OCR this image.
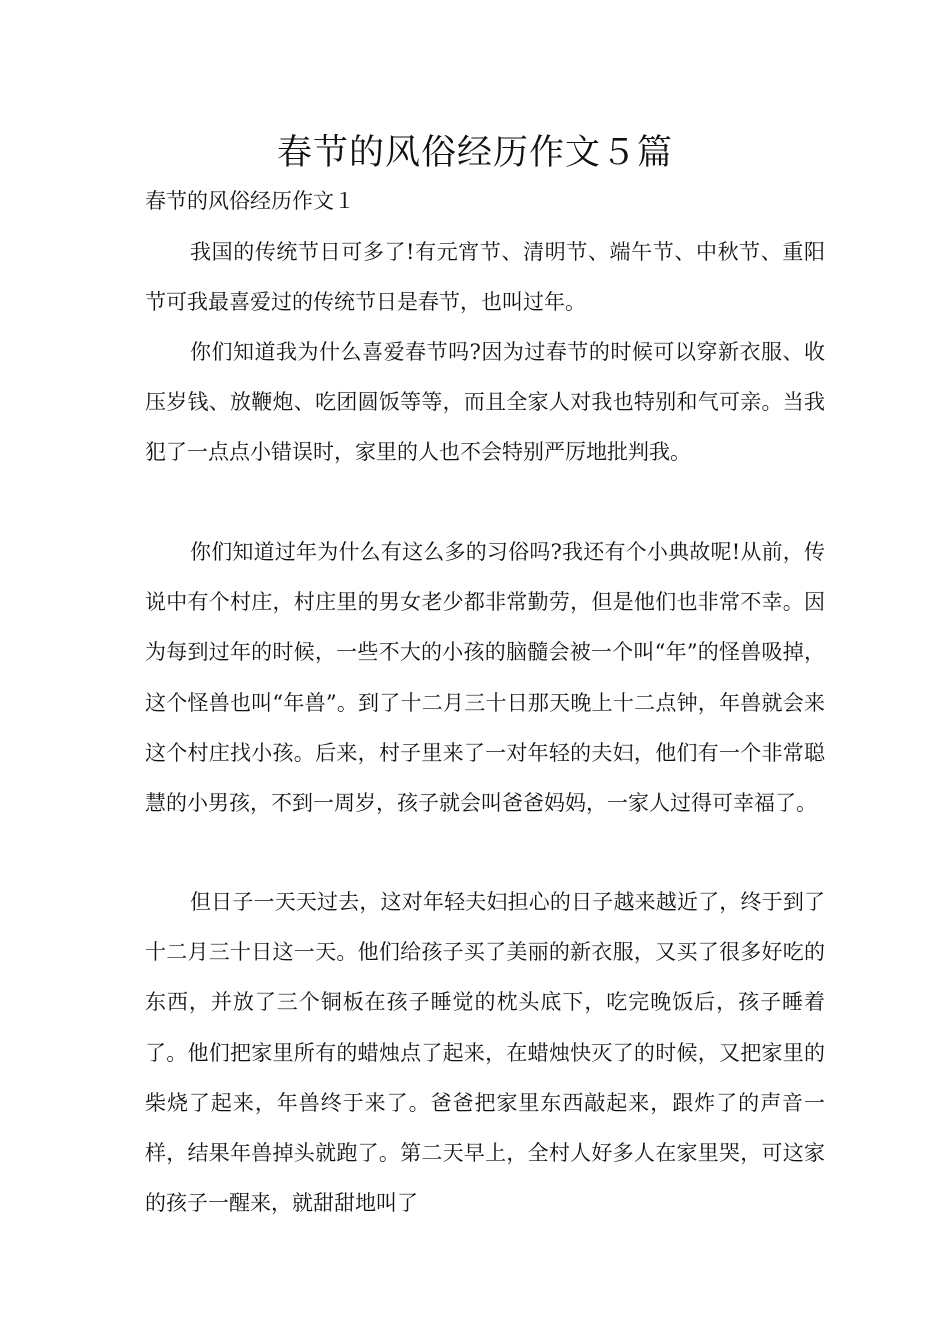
春节的风俗经历作文５篇
春节的风俗经历作文１

我国的传统节日可多了!有元宵节、清明节、端午节、中秋节、重阳节可我最喜爱过的传统节日是春节，也叫过年。

你们知道我为什么喜爱春节吗?因为过春节的时候可以穿新衣服、收压岁钱、放鞭炮、吃团圆饭等等，而且全家人对我也特别和气可亲。当我犯了一点点小错误时，家里的人也不会特别严厉地批判我。

你们知道过年为什么有这么多的习俗吗?我还有个小典故呢!从前，传说中有个村庄，村庄里的男女老少都非常勤劳，但是他们也非常不幸。因为每到过年的时候，一些不大的小孩的脑髓会被一个叫“年”的怪兽吸掉，这个怪兽也叫“年兽”。到了十二月三十日那天晚上十二点钟，年兽就会来这个村庄找小孩。后来，村子里来了一对年轻的夫妇，他们有一个非常聪慧的小男孩，不到一周岁，孩子就会叫爸爸妈妈，一家人过得可幸福了。

但日子一天天过去，这对年轻夫妇担心的日子越来越近了，终于到了十二月三十日这一天。他们给孩子买了美丽的新衣服，又买了很多好吃的东西，并放了三个铜板在孩子睡觉的枕头底下，吃完晚饭后，孩子睡着了。他们把家里所有的蜡烛点了起来，在蜡烛快灭了的时候，又把家里的柴烧了起来，年兽终于来了。爸爸把家里东西敲起来，跟炸了的声音一样，结果年兽掉头就跑了。第二天早上，全村人好多人在家里哭，可这家的孩子一醒来，就甜甜地叫了
